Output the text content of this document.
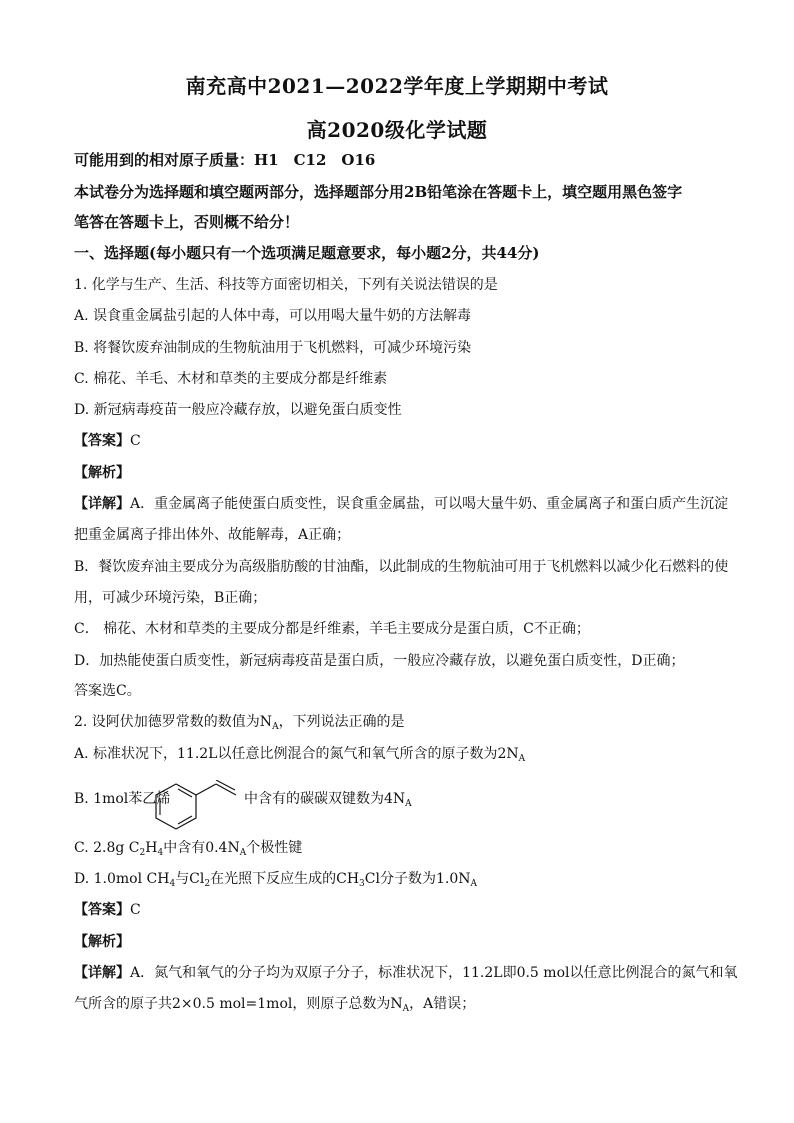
南充高中2021—2022学年度上学期期中考试
高2020级化学试题
可能用到的相对原子质量：H1　C12　O16
本试卷分为选择题和填空题两部分，选择题部分用2B铅笔涂在答题卡上，填空题用黑色签字
笔答在答题卡上，否则概不给分！
一、选择题(每小题只有一个选项满足题意要求，每小题2分，共44分)
1. 化学与生产、生活、科技等方面密切相关，下列有关说法错误的是
A. 误食重金属盐引起的人体中毒，可以用喝大量牛奶的方法解毒
B. 将餐饮废弃油制成的生物航油用于飞机燃料，可减少环境污染
C. 棉花、羊毛、木材和草类的主要成分都是纤维素
D. 新冠病毒疫苗一般应冷藏存放，以避免蛋白质变性
【答案】C
【解析】
【详解】A．重金属离子能使蛋白质变性，误食重金属盐，可以喝大量牛奶、重金属离子和蛋白质产生沉淀
把重金属离子排出体外、故能解毒，A正确；
B．餐饮废弃油主要成分为高级脂肪酸的甘油酯，以此制成的生物航油可用于飞机燃料以减少化石燃料的使
用，可减少环境污染，B正确；
C． 棉花、木材和草类的主要成分都是纤维素，羊毛主要成分是蛋白质，C不正确；
D．加热能使蛋白质变性，新冠病毒疫苗是蛋白质，一般应冷藏存放，以避免蛋白质变性，D正确；
答案选C。
2. 设阿伏加德罗常数的数值为$N_A$，下列说法正确的是
A. 标准状况下，11.2L以任意比例混合的氮气和氧气所含的原子数为$2N_A$
B. 1mol苯乙烯	中含有的碳碳双键数为$4N_A$
C. 2.8g $C_2H_4$中含有$0.4N_A$个极性键
D. 1.0mol $CH_4$与$Cl_2$在光照下反应生成的$CH_3Cl$分子数为$1.0N_A$
【答案】C
【解析】
【详解】A．氮气和氧气的分子均为双原子分子，标准状况下，11.2L即0.5 mol以任意比例混合的氮气和氧
气所含的原子共2×0.5 mol=1mol，则原子总数为$N_A$，A错误；
